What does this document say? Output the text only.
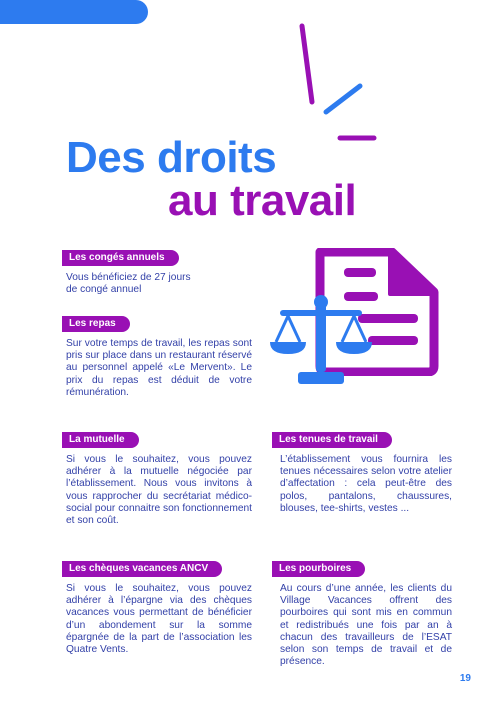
Des droits
au travail
Les congés annuels

Vous bénéficiez de 27 jours
de congé annuel

Les repas

Sur votre temps de travail, les repas sont pris sur place dans un restaurant réservé au personnel appelé «Le Mervent». Le prix du repas est déduit de votre rémunération.

La mutuelle

Si vous le souhaitez, vous pouvez adhérer à la mutuelle négociée par l’établissement. Nous vous invitons à vous rapprocher du secrétariat médico-social pour connaitre son fonctionnement et son coût.

Les tenues de travail

L’établissement vous fournira les tenues nécessaires selon votre atelier d’affectation : cela peut-être des polos, pantalons, chaussures, blouses, tee-shirts, vestes ...

Les chèques vacances ANCV

Si vous le souhaitez, vous pouvez adhérer à l’épargne via des chèques vacances vous permettant de bénéficier d’un abondement sur la somme épargnée de la part de l’association les Quatre Vents.

Les pourboires

Au cours d’une année, les clients du Village Vacances offrent des pourboires qui sont mis en commun et redistribués une fois par an à chacun des travailleurs de l’ESAT selon son temps de travail et de présence.

19
